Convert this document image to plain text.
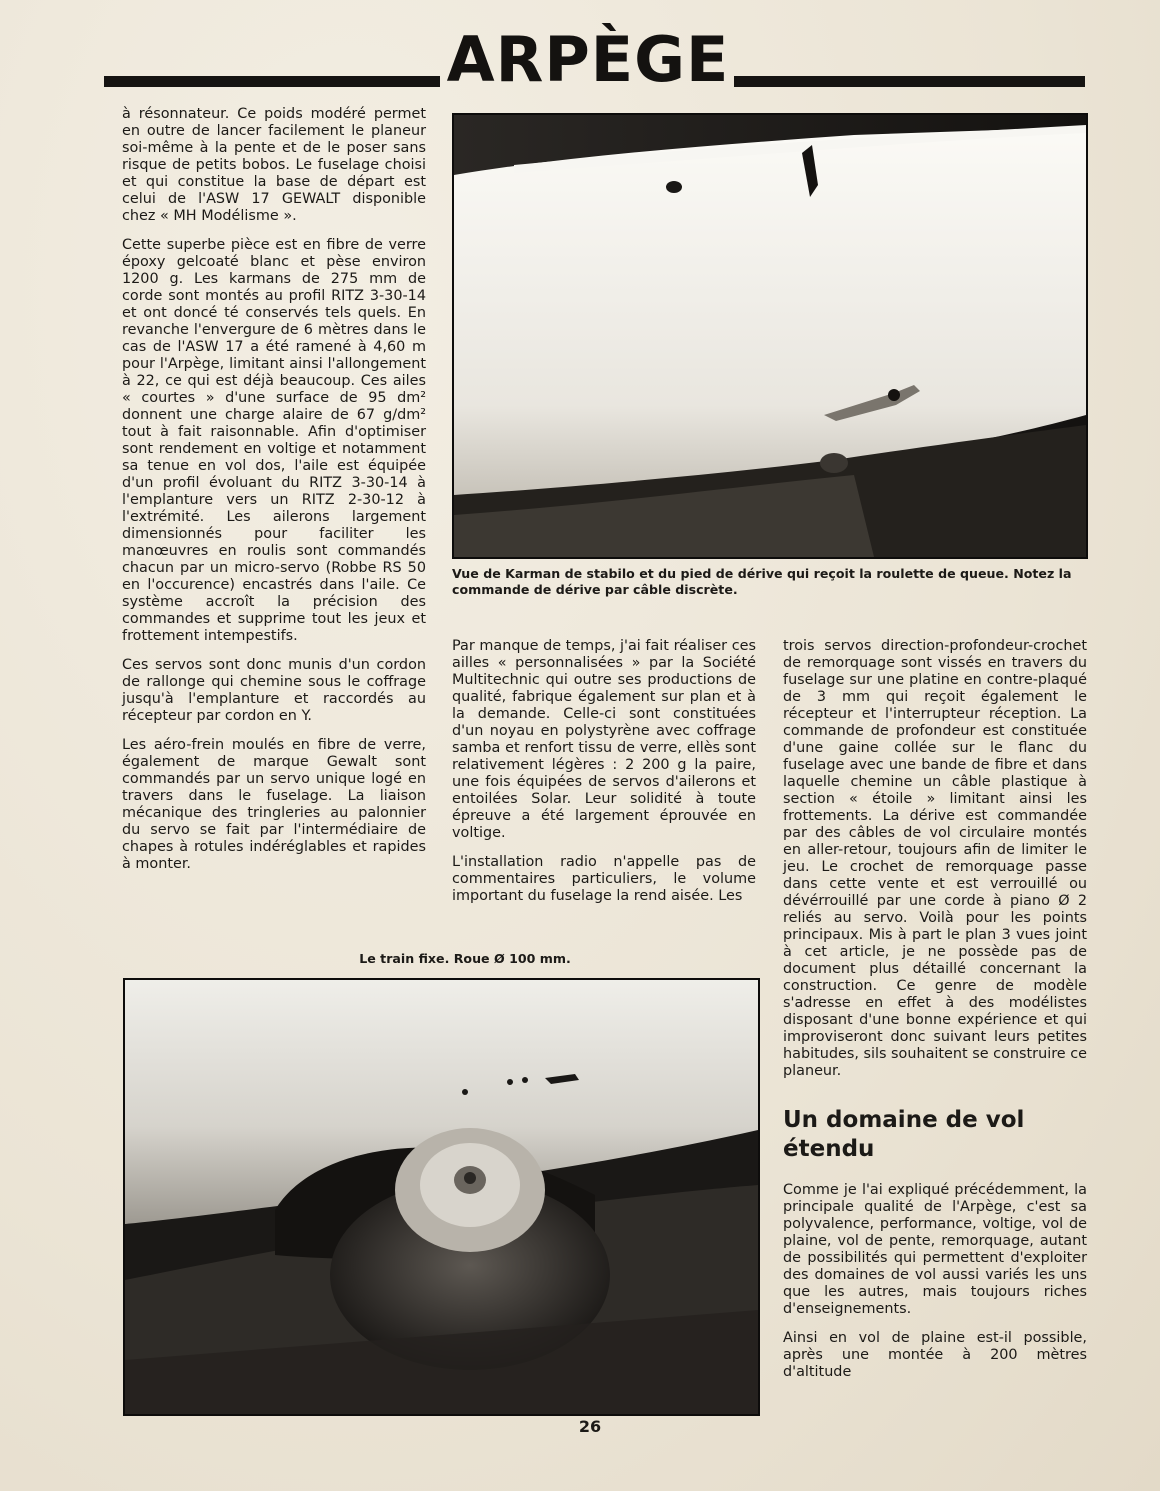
ARPÈGE

à résonnateur. Ce poids modéré permet en outre de lancer facilement le planeur soi-même à la pente et de le poser sans risque de petits bobos. Le fuselage choisi et qui constitue la base de départ est celui de l'ASW 17 GEWALT disponible chez « MH Modélisme ».

Cette superbe pièce est en fibre de verre époxy gelcoaté blanc et pèse environ 1200 g. Les karmans de 275 mm de corde sont montés au profil RITZ 3-30-14 et ont doncé té conservés tels quels. En revanche l'envergure de 6 mètres dans le cas de l'ASW 17 a été ramené à 4,60 m pour l'Arpège, limitant ainsi l'allongement à 22, ce qui est déjà beaucoup. Ces ailes « courtes » d'une surface de 95 dm² donnent une charge alaire de 67 g/dm² tout à fait raisonnable. Afin d'optimiser sont rendement en voltige et notamment sa tenue en vol dos, l'aile est équipée d'un profil évoluant du RITZ 3-30-14 à l'emplanture vers un RITZ 2-30-12 à l'extrémité. Les ailerons largement dimensionnés pour faciliter les manœuvres en roulis sont commandés chacun par un micro-servo (Robbe RS 50 en l'occurence) encastrés dans l'aile. Ce système accroît la précision des commandes et supprime tout les jeux et frottement intempestifs.

Ces servos sont donc munis d'un cordon de rallonge qui chemine sous le coffrage jusqu'à l'emplanture et raccordés au récepteur par cordon en Y.

Les aéro-frein moulés en fibre de verre, également de marque Gewalt sont commandés par un servo unique logé en travers dans le fuselage. La liaison mécanique des tringleries au palonnier du servo se fait par l'intermédiaire de chapes à rotules indéréglables et rapides à monter.

Vue de Karman de stabilo et du pied de dérive qui reçoit la roulette de queue. Notez la commande de dérive par câble discrète.

Par manque de temps, j'ai fait réaliser ces ailles « personnalisées » par la Société Multitechnic qui outre ses productions de qualité, fabrique également sur plan et à la demande. Celle-ci sont constituées d'un noyau en polystyrène avec coffrage samba et renfort tissu de verre, ellès sont relativement légères : 2 200 g la paire, une fois équipées de servos d'ailerons et entoilées Solar. Leur solidité à toute épreuve a été largement éprouvée en voltige.

L'installation radio n'appelle pas de commentaires particuliers, le volume important du fuselage la rend aisée. Les

trois servos direction-profondeur-crochet de remorquage sont vissés en travers du fuselage sur une platine en contre-plaqué de 3 mm qui reçoit également le récepteur et l'interrupteur réception. La commande de profondeur est constituée d'une gaine collée sur le flanc du fuselage avec une bande de fibre et dans laquelle chemine un câble plastique à section « étoile » limitant ainsi les frottements. La dérive est commandée par des câbles de vol circulaire montés en aller-retour, toujours afin de limiter le jeu. Le crochet de remorquage passe dans cette vente et est verrouillé ou dévérrouillé par une corde à piano Ø 2 reliés au servo. Voilà pour les points principaux. Mis à part le plan 3 vues joint à cet article, je ne possède pas de document plus détaillé concernant la construction. Ce genre de modèle s'adresse en effet à des modélistes disposant d'une bonne expérience et qui improviseront donc suivant leurs petites habitudes, sils souhaitent se construire ce planeur.

Un domaine de vol étendu

Comme je l'ai expliqué précédemment, la principale qualité de l'Arpège, c'est sa polyvalence, performance, voltige, vol de plaine, vol de pente, remorquage, autant de possibilités qui permettent d'exploiter des domaines de vol aussi variés les uns que les autres, mais toujours riches d'enseignements.

Ainsi en vol de plaine est-il possible, après une montée à 200 mètres d'altitude

Le train fixe. Roue Ø 100 mm.
26
